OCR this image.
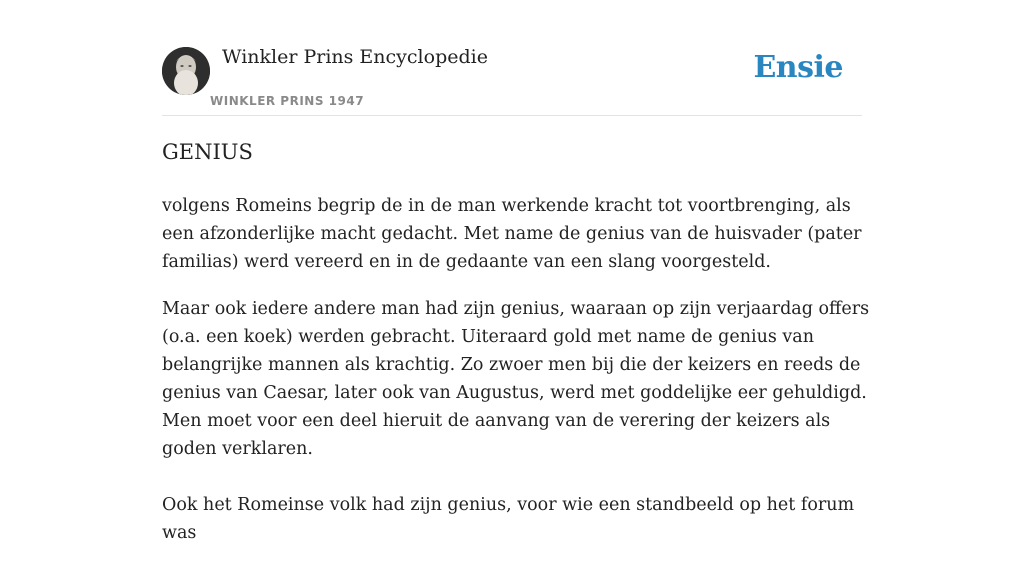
Winkler Prins Encyclopedie
WINKLER PRINS 1947
Ensie
GENIUS

volgens Romeins begrip de in de man werkende kracht tot voortbrenging, als een afzonderlijke macht gedacht. Met name de genius van de huisvader (pater familias) werd vereerd en in de gedaante van een slang voorgesteld.

Maar ook iedere andere man had zijn genius, waaraan op zijn verjaardag offers (o.a. een koek) werden gebracht. Uiteraard gold met name de genius van belangrijke mannen als krachtig. Zo zwoer men bij die der keizers en reeds de genius van Caesar, later ook van Augustus, werd met goddelijke eer gehuldigd. Men moet voor een deel hieruit de aanvang van de verering der keizers als goden verklaren.

Ook het Romeinse volk had zijn genius, voor wie een standbeeld op het forum was
